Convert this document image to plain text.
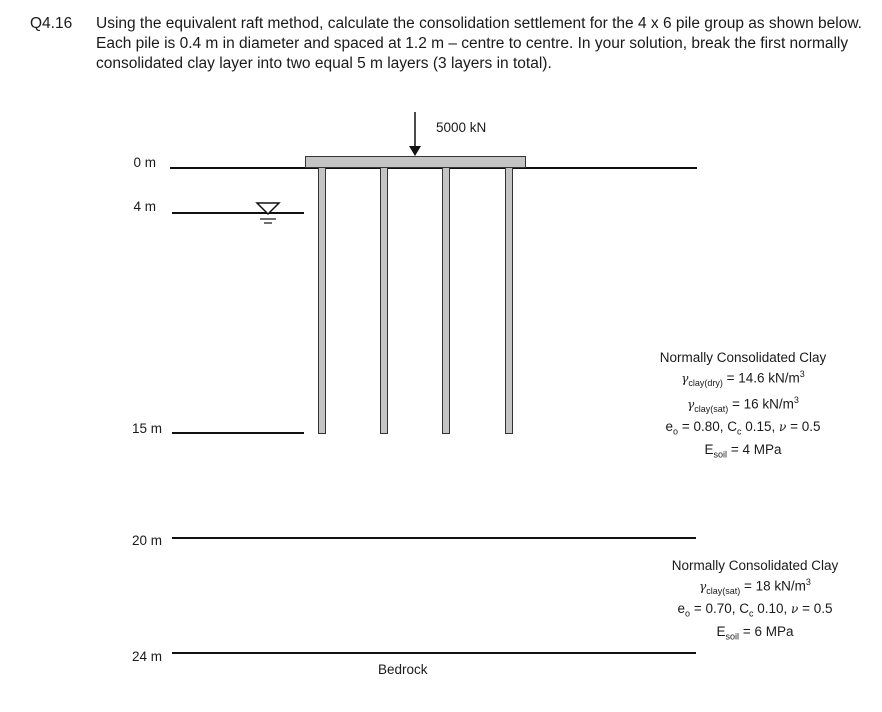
Q4.16 Using the equivalent raft method, calculate the consolidation settlement for the 4 x 6 pile group as shown below. Each pile is 0.4 m in diameter and spaced at 1.2 m – centre to centre. In your solution, break the first normally consolidated clay layer into two equal 5 m layers (3 layers in total).
5000 kN
0 m
4 m
15 m
20 m
24 m
Normally Consolidated Clay
$\gamma_{clay(dry)} = 14.6$ $kN/m^3$
$\gamma_{clay(sat)} = 16$ $kN/m^3$
$e_o = 0.80$, $C_c$ 0.15, ν = 0.5
$E_{soil} = 4$ MPa
Normally Consolidated Clay
$\gamma_{clay(sat)} = 18$ $kN/m^3$
$e_o = 0.70$, $C_c$ 0.10, ν = 0.5
$E_{soil} = 6$ MPa
Bedrock
